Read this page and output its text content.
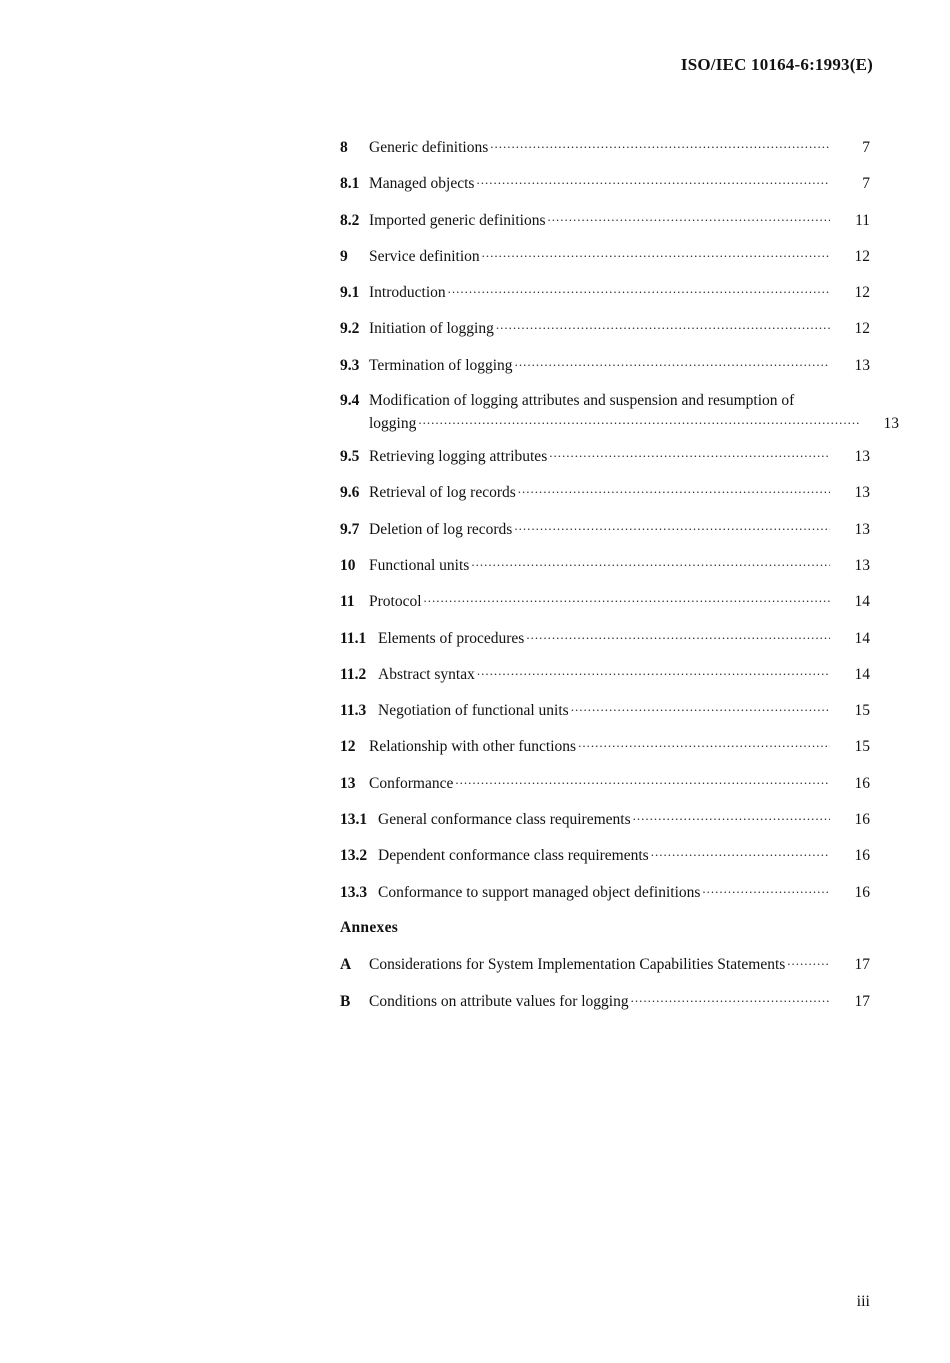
ISO/IEC 10164-6:1993(E)
8	Generic definitions .....	7
8.1 Managed objects .....	7
8.2 Imported generic definitions .....	11
9	Service definition .....	12
9.1 Introduction .....	12
9.2 Initiation of logging .....	12
9.3 Termination of logging .....	13
9.4 Modification of logging attributes and suspension and resumption of
logging .....	13
9.5 Retrieving logging attributes .....	13
9.6 Retrieval of log records .....	13
9.7 Deletion of log records .....	13
10 Functional units .....	13
11 Protocol .....	14
11.1 Elements of procedures .....	14
11.2 Abstract syntax .....	14
11.3 Negotiation of functional units .....	15
12 Relationship with other functions .....	15
13 Conformance .....	16
13.1 General conformance class requirements .....	16
13.2 Dependent conformance class requirements .....	16
13.3 Conformance to support managed object definitions .....	16
Annexes
A	Considerations for System Implementation Capabilities Statements .....	17
B	Conditions on attribute values for logging .....	17
iii
